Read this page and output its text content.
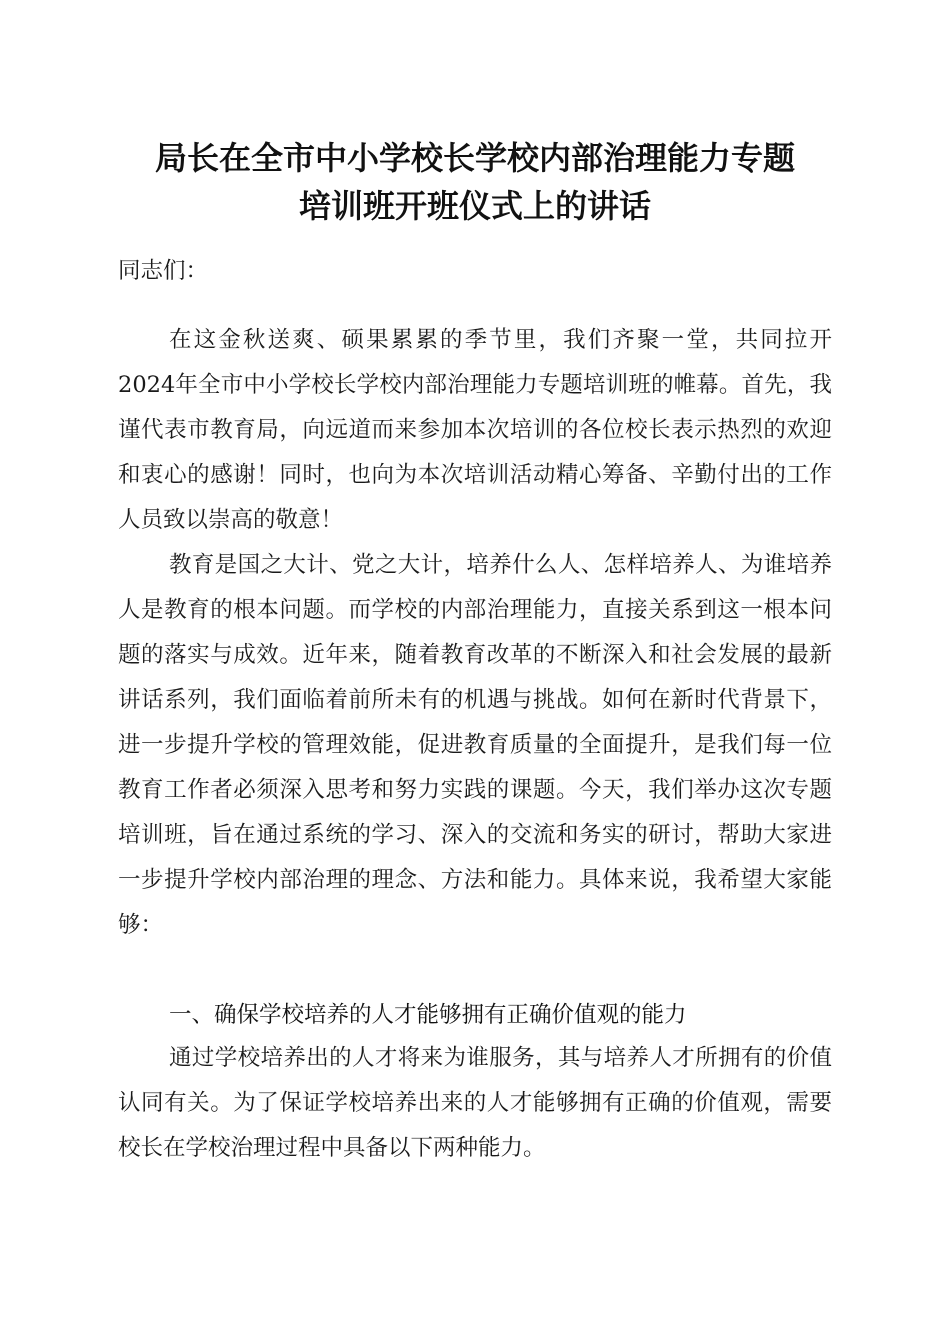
局长在全市中小学校长学校内部治理能力专题
培训班开班仪式上的讲话
同志们：
在这金秋送爽、硕果累累的季节里，我们齐聚一堂，共同拉开2024年全市中小学校长学校内部治理能力专题培训班的帷幕。首先，我谨代表市教育局，向远道而来参加本次培训的各位校长表示热烈的欢迎和衷心的感谢！同时，也向为本次培训活动精心筹备、辛勤付出的工作人员致以崇高的敬意！
教育是国之大计、党之大计，培养什么人、怎样培养人、为谁培养人是教育的根本问题。而学校的内部治理能力，直接关系到这一根本问题的落实与成效。近年来，随着教育改革的不断深入和社会发展的最新讲话系列，我们面临着前所未有的机遇与挑战。如何在新时代背景下，进一步提升学校的管理效能，促进教育质量的全面提升，是我们每一位教育工作者必须深入思考和努力实践的课题。今天，我们举办这次专题培训班，旨在通过系统的学习、深入的交流和务实的研讨，帮助大家进一步提升学校内部治理的理念、方法和能力。具体来说，我希望大家能够：
一、确保学校培养的人才能够拥有正确价值观的能力
通过学校培养出的人才将来为谁服务，其与培养人才所拥有的价值认同有关。为了保证学校培养出来的人才能够拥有正确的价值观，需要校长在学校治理过程中具备以下两种能力。
